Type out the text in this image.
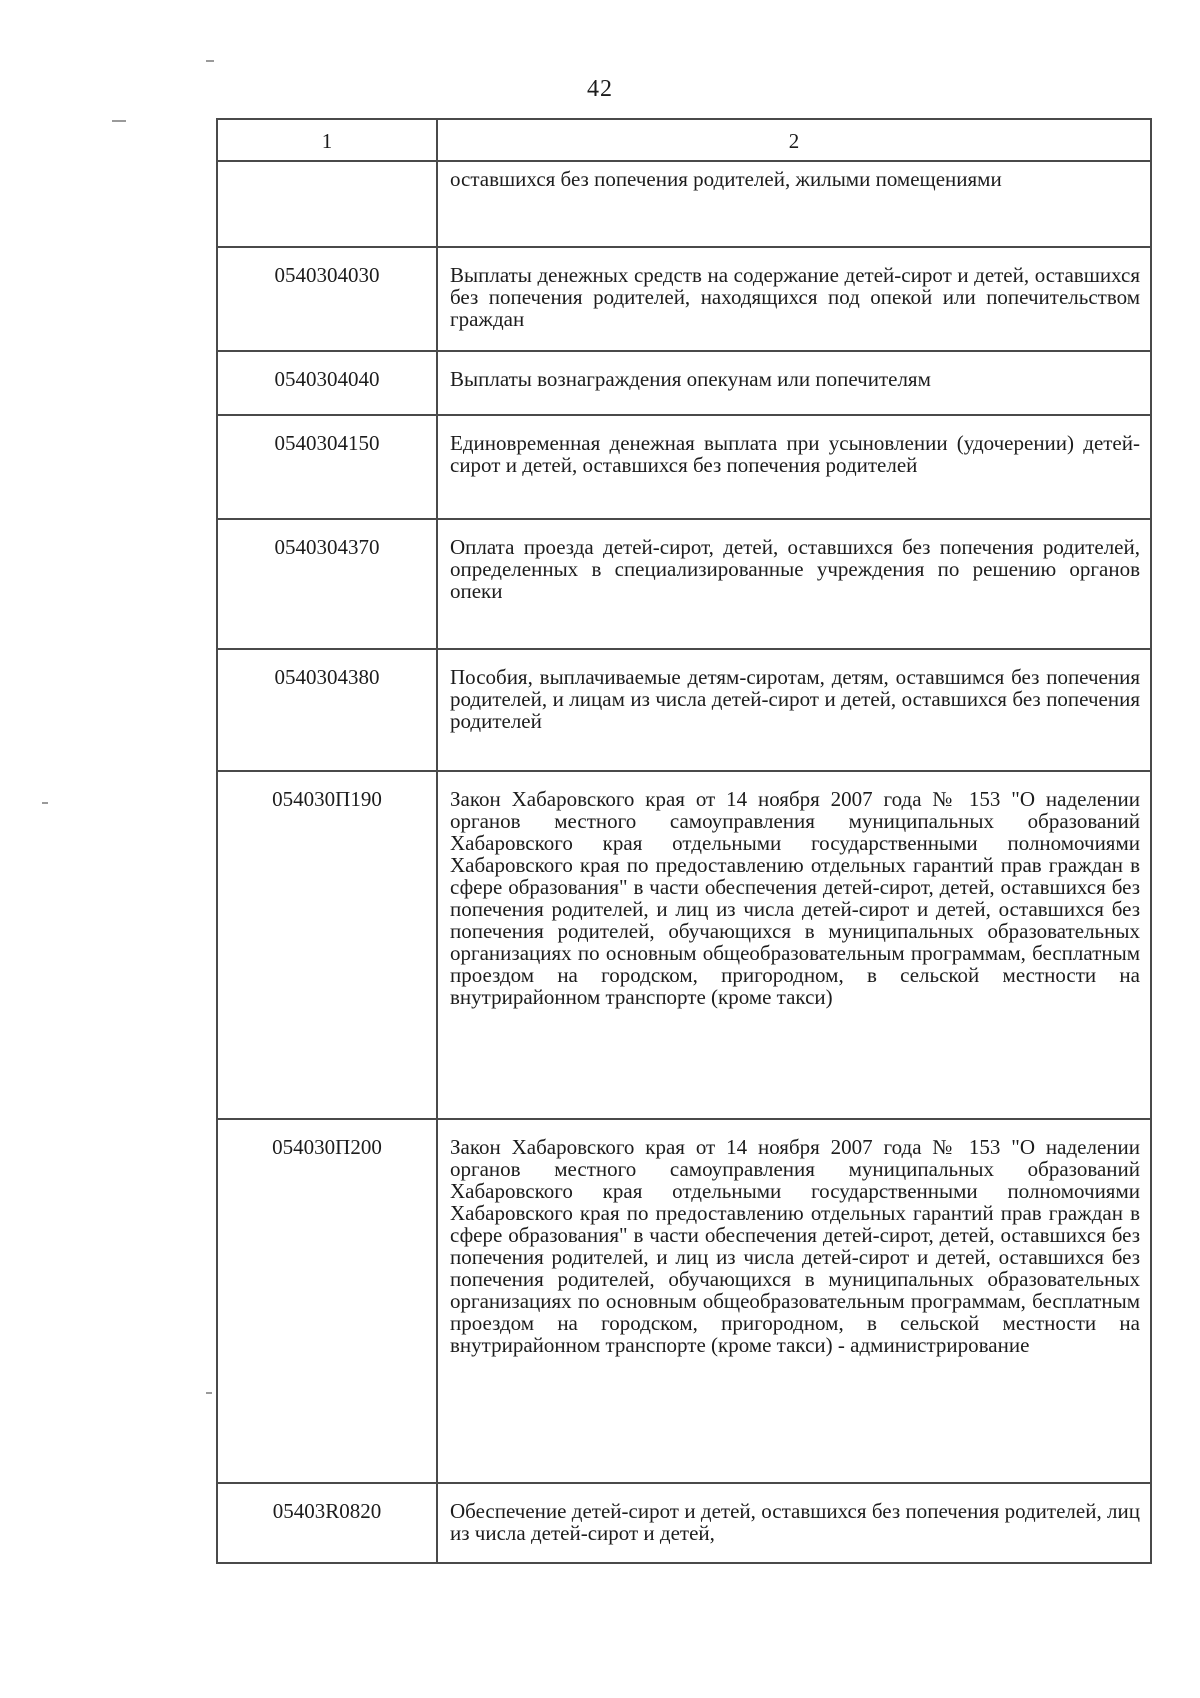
42
1	2
	оставшихся без попечения родителей, жилыми помещениями
0540304030	Выплаты денежных средств на содержание детей-сирот и детей, оставшихся без попечения родителей, находящихся под опекой или попечительством граждан
0540304040	Выплаты вознаграждения опекунам или попечителям
0540304150	Единовременная денежная выплата при усыновлении (удочерении) детей-сирот и детей, оставшихся без попечения родителей
0540304370	Оплата проезда детей-сирот, детей, оставшихся без попечения родителей, определенных в специализированные учреждения по решению органов опеки
0540304380	Пособия, выплачиваемые детям-сиротам, детям, оставшимся без попечения родителей, и лицам из числа детей-сирот и детей, оставшихся без попечения родителей
054030П190	Закон Хабаровского края от 14 ноября 2007 года № 153 "О наделении органов местного самоуправления муниципальных образований Хабаровского края отдельными государственными полномочиями Хабаровского края по предоставлению отдельных гарантий прав граждан в сфере образования" в части обеспечения детей-сирот, детей, оставшихся без попечения родителей, и лиц из числа детей-сирот и детей, оставшихся без попечения родителей, обучающихся в муниципальных образовательных организациях по основным общеобразовательным программам, бесплатным проездом на городском, пригородном, в сельской местности на внутрирайонном транспорте (кроме такси)
054030П200	Закон Хабаровского края от 14 ноября 2007 года № 153 "О наделении органов местного самоуправления муниципальных образований Хабаровского края отдельными государственными полномочиями Хабаровского края по предоставлению отдельных гарантий прав граждан в сфере образования" в части обеспечения детей-сирот, детей, оставшихся без попечения родителей, и лиц из числа детей-сирот и детей, оставшихся без попечения родителей, обучающихся в муниципальных образовательных организациях по основным общеобразовательным программам, бесплатным проездом на городском, пригородном, в сельской местности на внутрирайонном транспорте (кроме такси) - администрирование
05403R0820	Обеспечение детей-сирот и детей, оставшихся без попечения родителей, лиц из числа детей-сирот и детей,
